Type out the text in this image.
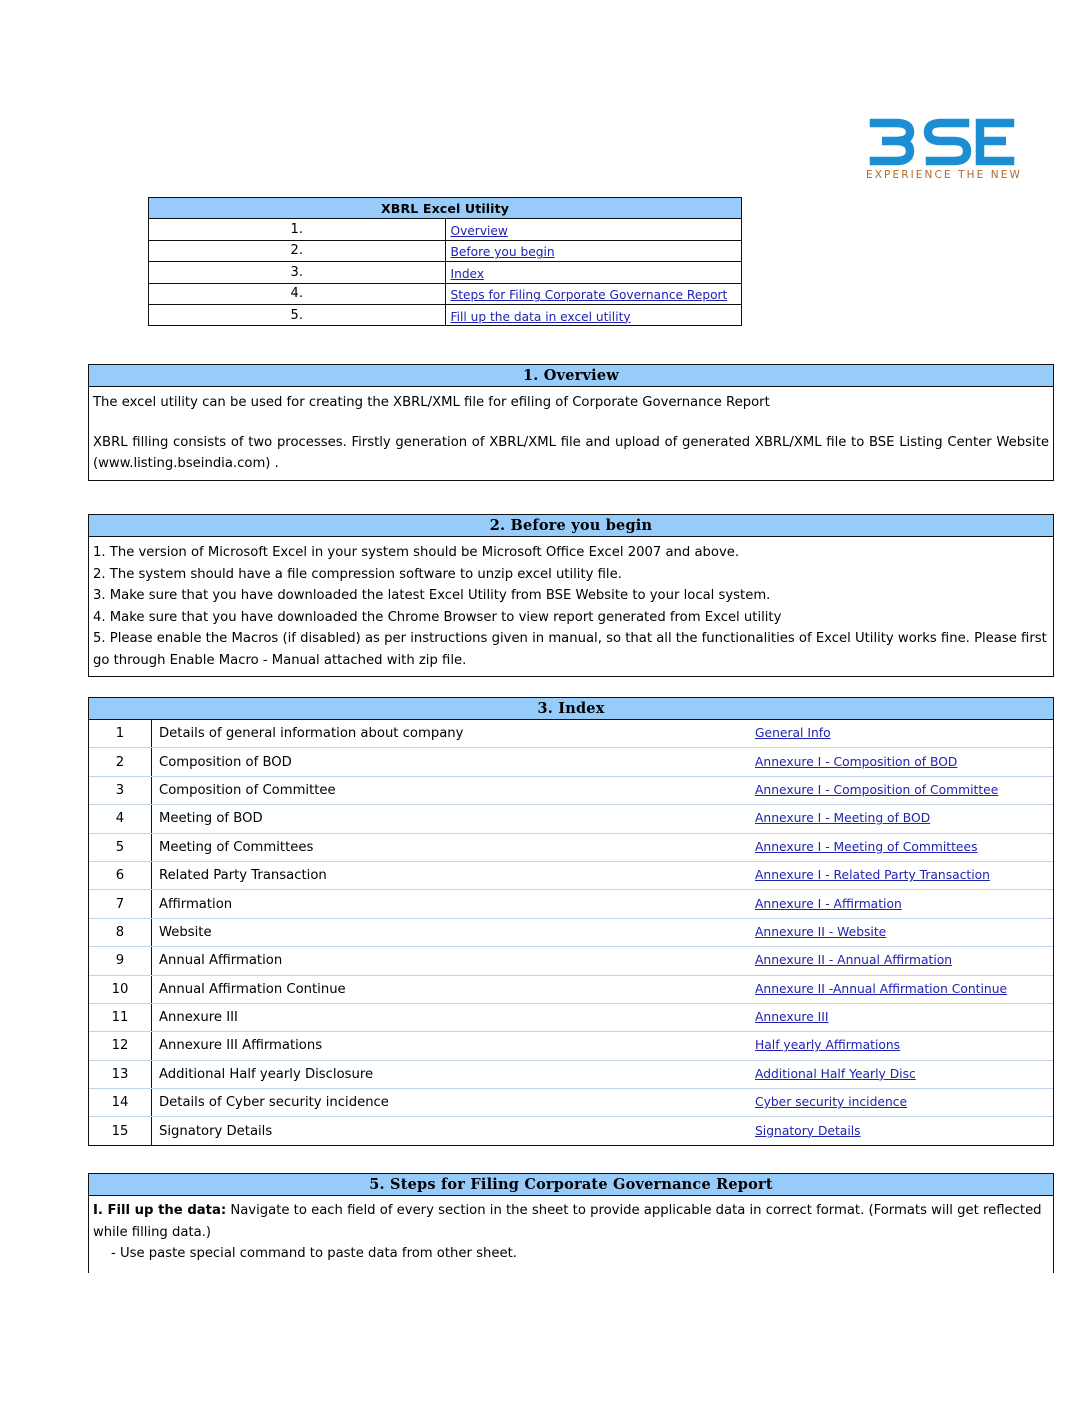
EXPERIENCE THE NEW
XBRL Excel Utility	
1.	Overview
2.	Before you begin
3.	Index
4.	Steps for Filing Corporate Governance Report
5.	Fill up the data in excel utility
1. Overview
The excel utility can be used for creating the XBRL/XML file for efiling of Corporate Governance Report
XBRL filling consists of two processes. Firstly generation of XBRL/XML file and upload of generated XBRL/XML file to BSE Listing Center Website (www.listing.bseindia.com) .
2. Before you begin
1. The version of Microsoft Excel in your system should be Microsoft Office Excel 2007 and above.
2. The system should have a file compression software to unzip excel utility file.
3. Make sure that you have downloaded the latest Excel Utility from BSE Website to your local system.
4. Make sure that you have downloaded the Chrome Browser to view report generated from Excel utility
5. Please enable the Macros (if disabled) as per instructions given in manual, so that all the functionalities of Excel Utility works fine. Please first go through Enable Macro - Manual attached with zip file.
3. Index
1	Details of general information about company	General Info
2	Composition of BOD	Annexure I - Composition of BOD
3	Composition of Committee	Annexure I - Composition of Committee
4	Meeting of BOD	Annexure I - Meeting of BOD
5	Meeting of Committees	Annexure I - Meeting of Committees
6	Related Party Transaction	Annexure I - Related Party Transaction
7	Affirmation	Annexure I - Affirmation
8	Website	Annexure II - Website
9	Annual Affirmation	Annexure II - Annual Affirmation
10	Annual Affirmation Continue	Annexure II -Annual Affirmation Continue
11	Annexure III	Annexure III
12	Annexure III Affirmations	Half yearly Affirmations
13	Additional Half yearly Disclosure	Additional Half Yearly Disc
14	Details of Cyber security incidence	Cyber security incidence
15	Signatory Details	Signatory Details
5. Steps for Filing Corporate Governance Report
I. Fill up the data: Navigate to each field of every section in the sheet to provide applicable data in correct format. (Formats will get reflected while filling data.)
- Use paste special command to paste data from other sheet.
